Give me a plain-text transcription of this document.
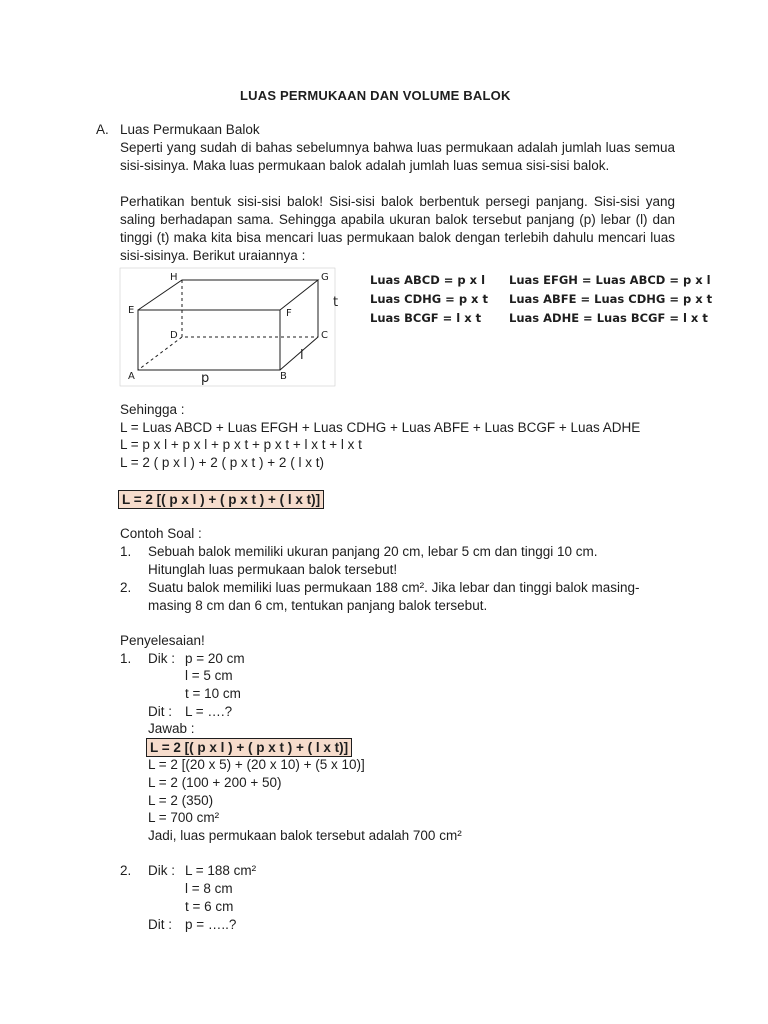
LUAS PERMUKAAN DAN VOLUME BALOK
A. Luas Permukaan Balok
Seperti yang sudah di bahas sebelumnya bahwa luas permukaan adalah jumlah luas semua sisi-sisinya. Maka luas permukaan balok adalah jumlah luas semua sisi-sisi balok.
Perhatikan bentuk sisi-sisi balok! Sisi-sisi balok berbentuk persegi panjang. Sisi-sisi yang saling berhadapan sama. Sehingga apabila ukuran balok tersebut panjang (p) lebar (l) dan tinggi (t) maka kita bisa mencari luas permukaan balok dengan terlebih dahulu mencari luas sisi-sisinya. Berikut uraiannya :
A	B
C
D
E	F
G
H
p
l
t
Luas ABCD = p x l
Luas CDHG = p x t
Luas BCGF = l x t
Luas EFGH = Luas ABCD = p x l
Luas ABFE = Luas CDHG = p x t
Luas ADHE = Luas BCGF = l x t
Sehingga :
L = Luas ABCD + Luas EFGH + Luas CDHG + Luas ABFE + Luas BCGF + Luas ADHE
L = p x l + p x l + p x t + p x t + l x t + l x t
L = 2 ( p x l ) + 2 ( p x t ) + 2 ( l x t)
L = 2 [( p x l ) + ( p x t ) + ( l x t)]
Contoh Soal :
1. Sebuah balok memiliki ukuran panjang 20 cm, lebar 5 cm dan tinggi 10 cm.
Hitunglah luas permukaan balok tersebut!
2. Suatu balok memiliki luas permukaan 188 cm². Jika lebar dan tinggi balok masing-
masing 8 cm dan 6 cm, tentukan panjang balok tersebut.
Penyelesaian!
1. Dik : p = 20 cm
l = 5 cm
t = 10 cm
Dit : L = ….?
Jawab :
L = 2 [( p x l ) + ( p x t ) + ( l x t)]
L = 2 [(20 x 5) + (20 x 10) + (5 x 10)]
L = 2 (100 + 200 + 50)
L = 2 (350)
L = 700 cm²
Jadi, luas permukaan balok tersebut adalah 700 cm²
2. Dik : L = 188 cm²
l = 8 cm
t = 6 cm
Dit : p = …..?
